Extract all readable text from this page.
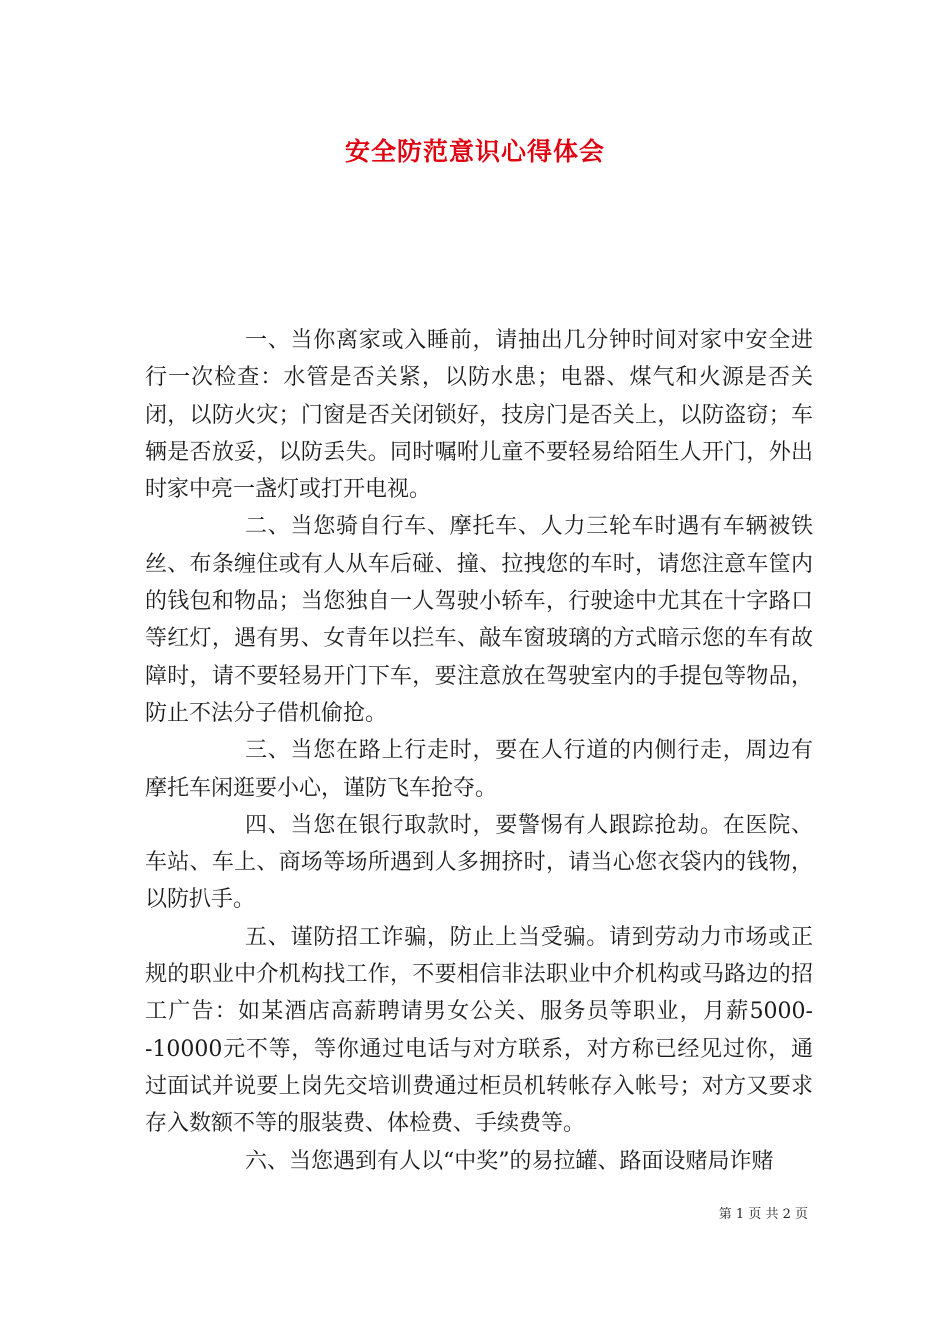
安全防范意识心得体会

一、当你离家或入睡前，请抽出几分钟时间对家中安全进行一次检查：水管是否关紧，以防水患；电器、煤气和火源是否关闭，以防火灾；门窗是否关闭锁好，技房门是否关上，以防盗窃；车辆是否放妥，以防丢失。同时嘱咐儿童不要轻易给陌生人开门，外出时家中亮一盏灯或打开电视。

二、当您骑自行车、摩托车、人力三轮车时遇有车辆被铁丝、布条缠住或有人从车后碰、撞、拉拽您的车时，请您注意车筐内的钱包和物品；当您独自一人驾驶小轿车，行驶途中尤其在十字路口等红灯，遇有男、女青年以拦车、敲车窗玻璃的方式暗示您的车有故障时，请不要轻易开门下车，要注意放在驾驶室内的手提包等物品，防止不法分子借机偷抢。

三、当您在路上行走时，要在人行道的内侧行走，周边有摩托车闲逛要小心，谨防飞车抢夺。

四、当您在银行取款时，要警惕有人跟踪抢劫。在医院、车站、车上、商场等场所遇到人多拥挤时，请当心您衣袋内的钱物，以防扒手。

五、谨防招工诈骗，防止上当受骗。请到劳动力市场或正规的职业中介机构找工作，不要相信非法职业中介机构或马路边的招工广告：如某酒店高薪聘请男女公关、服务员等职业，月薪5000--10000元不等，等你通过电话与对方联系，对方称已经见过你，通过面试并说要上岗先交培训费通过柜员机转帐存入帐号；对方又要求存入数额不等的服装费、体检费、手续费等。

六、当您遇到有人以“中奖”的易拉罐、路面设赌局诈赌

第 1 页 共 2 页
